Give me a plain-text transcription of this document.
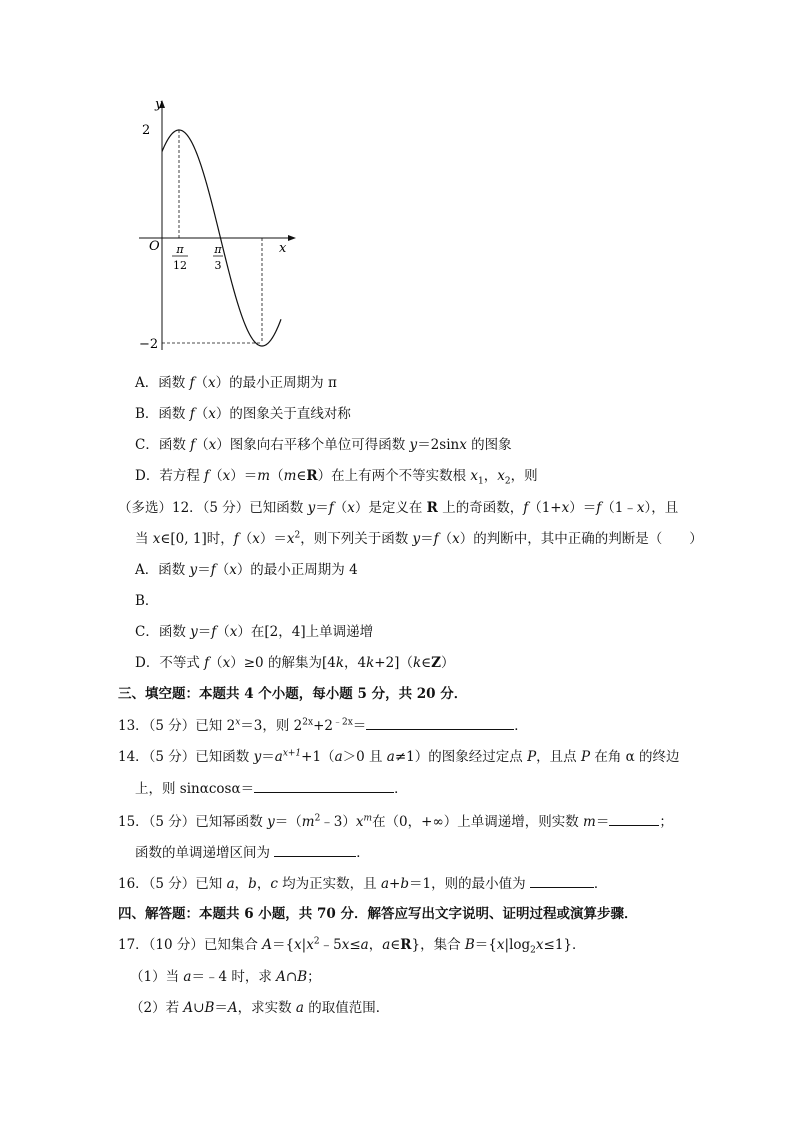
y
x
O
2
−2
π
12
π
3
A．函数 f（x）的最小正周期为 π
B．函数 f（x）的图象关于直线对称
C．函数 f（x）图象向右平移个单位可得函数 y＝2sinx 的图象
D．若方程 f（x）＝m（m∈R）在上有两个不等实数根 $x_1$，$x_2$，则
（多选）12．（5 分）已知函数 y＝f（x）是定义在 R 上的奇函数，f（1+x）＝f（1﹣x），且
当 x∈[0, 1]时，$f(x)=x^2$，则下列关于函数 y＝f（x）的判断中，其中正确的判断是（　　）
A．函数 y＝f（x）的最小正周期为 4
B．
C．函数 y＝f（x）在[2，4]上单调递增
D．不等式 f（x）≥0 的解集为[4k，4k+2]（k∈Z）
三、填空题：本题共 4 个小题，每小题 5 分，共 20 分．
13．（5 分）已知 $2^x=3$，则 $2^{2x}+2^{﹣2x}=$	．
14．（5 分）已知函数 $y=a^{x+1}+1(a>0$ 且 a≠1）的图象经过定点 P，且点 P 在角 α 的终边
上，则 sinαcosα＝	．
15．（5 分）已知幂函数 $y=(m^2﹣3)x^m$在（0，+∞）上单调递增，则实数 m＝	；
函数的单调递增区间为	．
16．（5 分）已知 a，b，c 均为正实数，且 a+b＝1，则的最小值为	．
四、解答题：本题共 6 小题，共 70 分．解答应写出文字说明、证明过程或演算步骤．
17．（10 分）已知集合 $A=\{x|x^2﹣5x\le a$，a∈R}，集合 $B=\{x|\log_2x\le 1\}$．
（1）当 a＝﹣4 时，求 A∩B；
（2）若 A∪B＝A，求实数 a 的取值范围．
